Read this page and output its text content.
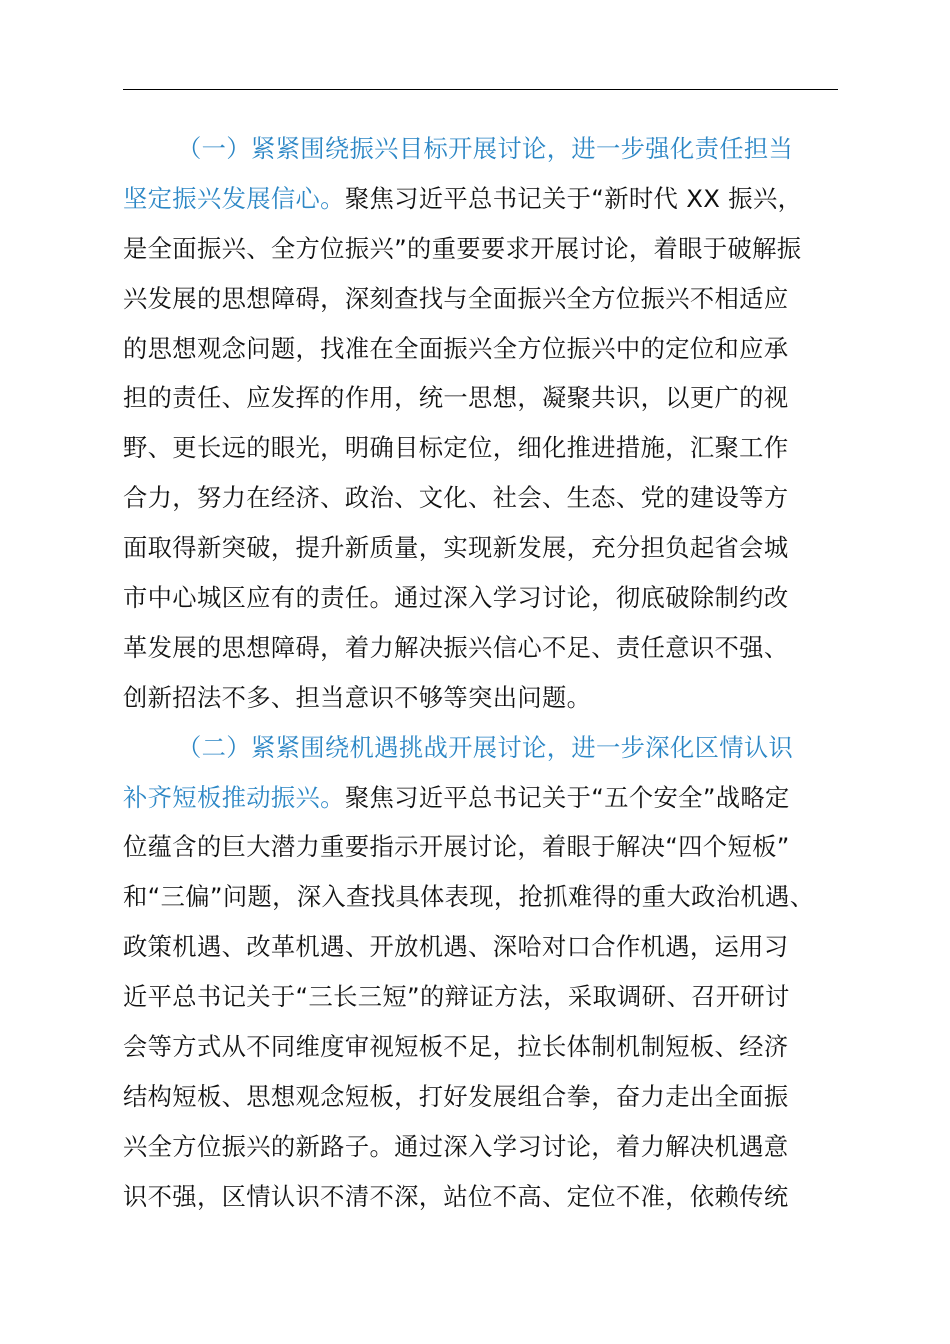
（一）紧紧围绕振兴目标开展讨论，进一步强化责任担当
坚定振兴发展信心。聚焦习近平总书记关于“新时代 XX 振兴，
是全面振兴、全方位振兴”的重要要求开展讨论，着眼于破解振
兴发展的思想障碍，深刻查找与全面振兴全方位振兴不相适应
的思想观念问题，找准在全面振兴全方位振兴中的定位和应承
担的责任、应发挥的作用，统一思想，凝聚共识，以更广的视
野、更长远的眼光，明确目标定位，细化推进措施，汇聚工作
合力，努力在经济、政治、文化、社会、生态、党的建设等方
面取得新突破，提升新质量，实现新发展，充分担负起省会城
市中心城区应有的责任。通过深入学习讨论，彻底破除制约改
革发展的思想障碍，着力解决振兴信心不足、责任意识不强、
创新招法不多、担当意识不够等突出问题。
（二）紧紧围绕机遇挑战开展讨论，进一步深化区情认识
补齐短板推动振兴。聚焦习近平总书记关于“五个安全”战略定
位蕴含的巨大潜力重要指示开展讨论，着眼于解决“四个短板”
和“三偏”问题，深入查找具体表现，抢抓难得的重大政治机遇、
政策机遇、改革机遇、开放机遇、深哈对口合作机遇，运用习
近平总书记关于“三长三短”的辩证方法，采取调研、召开研讨
会等方式从不同维度审视短板不足，拉长体制机制短板、经济
结构短板、思想观念短板，打好发展组合拳，奋力走出全面振
兴全方位振兴的新路子。通过深入学习讨论，着力解决机遇意
识不强，区情认识不清不深，站位不高、定位不准，依赖传统
